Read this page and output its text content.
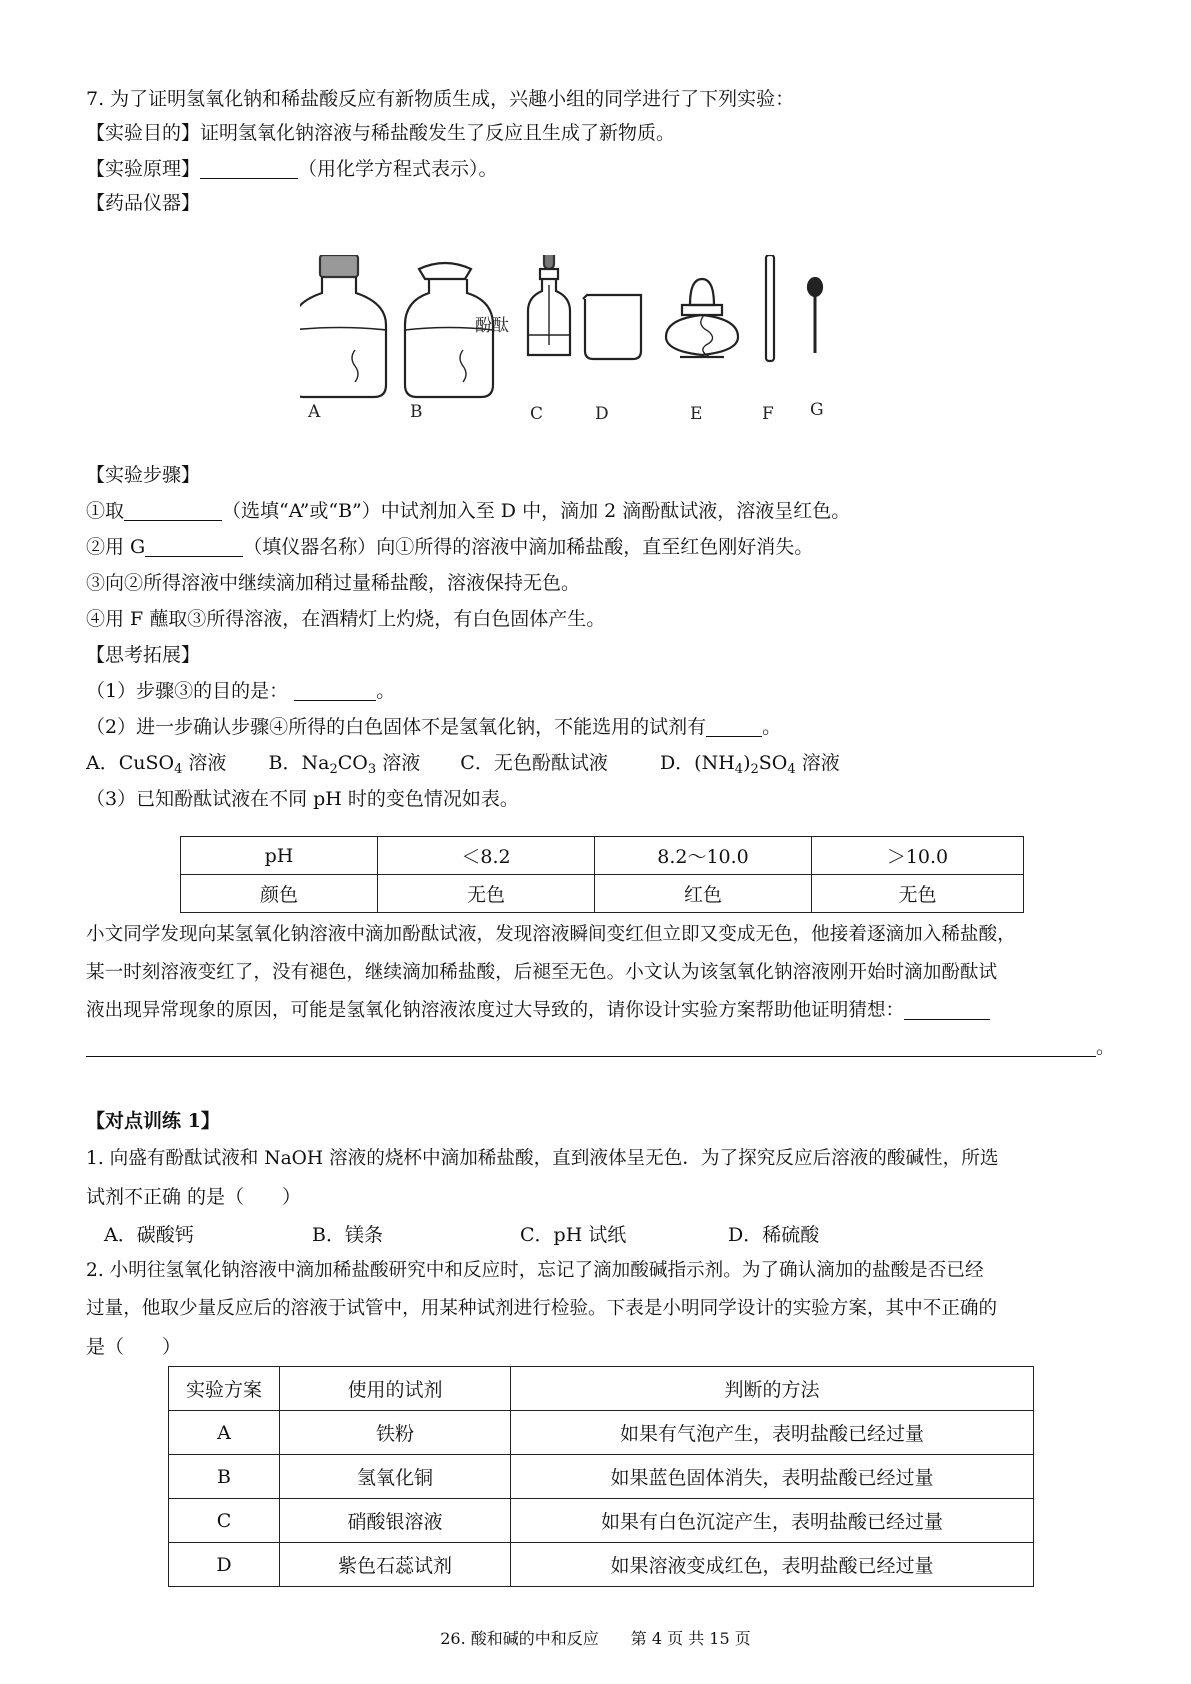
7. 为了证明氢氧化钠和稀盐酸反应有新物质生成，兴趣小组的同学进行了下列实验：
【实验目的】证明氢氧化钠溶液与稀盐酸发生了反应且生成了新物质。
【实验原理】	（用化学方程式表示）。
【药品仪器】
酚酞
A	B	C	D	E	F G
【实验步骤】
①取	（选填“A”或“B”）中试剂加入至 D 中，滴加 2 滴酚酞试液，溶液呈红色。
②用 G	（填仪器名称）向①所得的溶液中滴加稀盐酸，直至红色刚好消失。
③向②所得溶液中继续滴加稍过量稀盐酸，溶液保持无色。
④用 F 蘸取③所得溶液，在酒精灯上灼烧，有白色固体产生。
【思考拓展】
（1）步骤③的目的是：	。
（2）进一步确认步骤④所得的白色固体不是氢氧化钠，不能选用的试剂有	。
A．CuSO$_4$ 溶液 B．$Na_2CO_3$ 溶液 C．无色酚酞试液	D．$(NH_4)_2SO_4$ 溶液
（3）已知酚酞试液在不同 pH 时的变色情况如表。
pH	＜8.2	8.2～10.0	＞10.0
颜色	无色	红色	无色
小文同学发现向某氢氧化钠溶液中滴加酚酞试液，发现溶液瞬间变红但立即又变成无色，他接着逐滴加入稀盐酸，
某一时刻溶液变红了，没有褪色，继续滴加稀盐酸，后褪至无色。小文认为该氢氧化钠溶液刚开始时滴加酚酞试
液出现异常现象的原因，可能是氢氧化钠溶液浓度过大导致的，请你设计实验方案帮助他证明猜想：
。
【对点训练 1】
1. 向盛有酚酞试液和 NaOH 溶液的烧杯中滴加稀盐酸，直到液体呈无色．为了探究反应后溶液的酸碱性，所选
试剂不正确 的是（　　）
A．碳酸钙	B．镁条	C．pH 试纸	D．稀硫酸
2. 小明往氢氧化钠溶液中滴加稀盐酸研究中和反应时，忘记了滴加酸碱指示剂。为了确认滴加的盐酸是否已经
过量，他取少量反应后的溶液于试管中，用某种试剂进行检验。下表是小明同学设计的实验方案，其中不正确的
是（　　）
实验方案	使用的试剂	判断的方法
A	铁粉	如果有气泡产生，表明盐酸已经过量
B	氢氧化铜	如果蓝色固体消失，表明盐酸已经过量
C	硝酸银溶液	如果有白色沉淀产生，表明盐酸已经过量
D	紫色石蕊试剂	如果溶液变成红色，表明盐酸已经过量
26. 酸和碱的中和反应　　第 4 页 共 15 页
